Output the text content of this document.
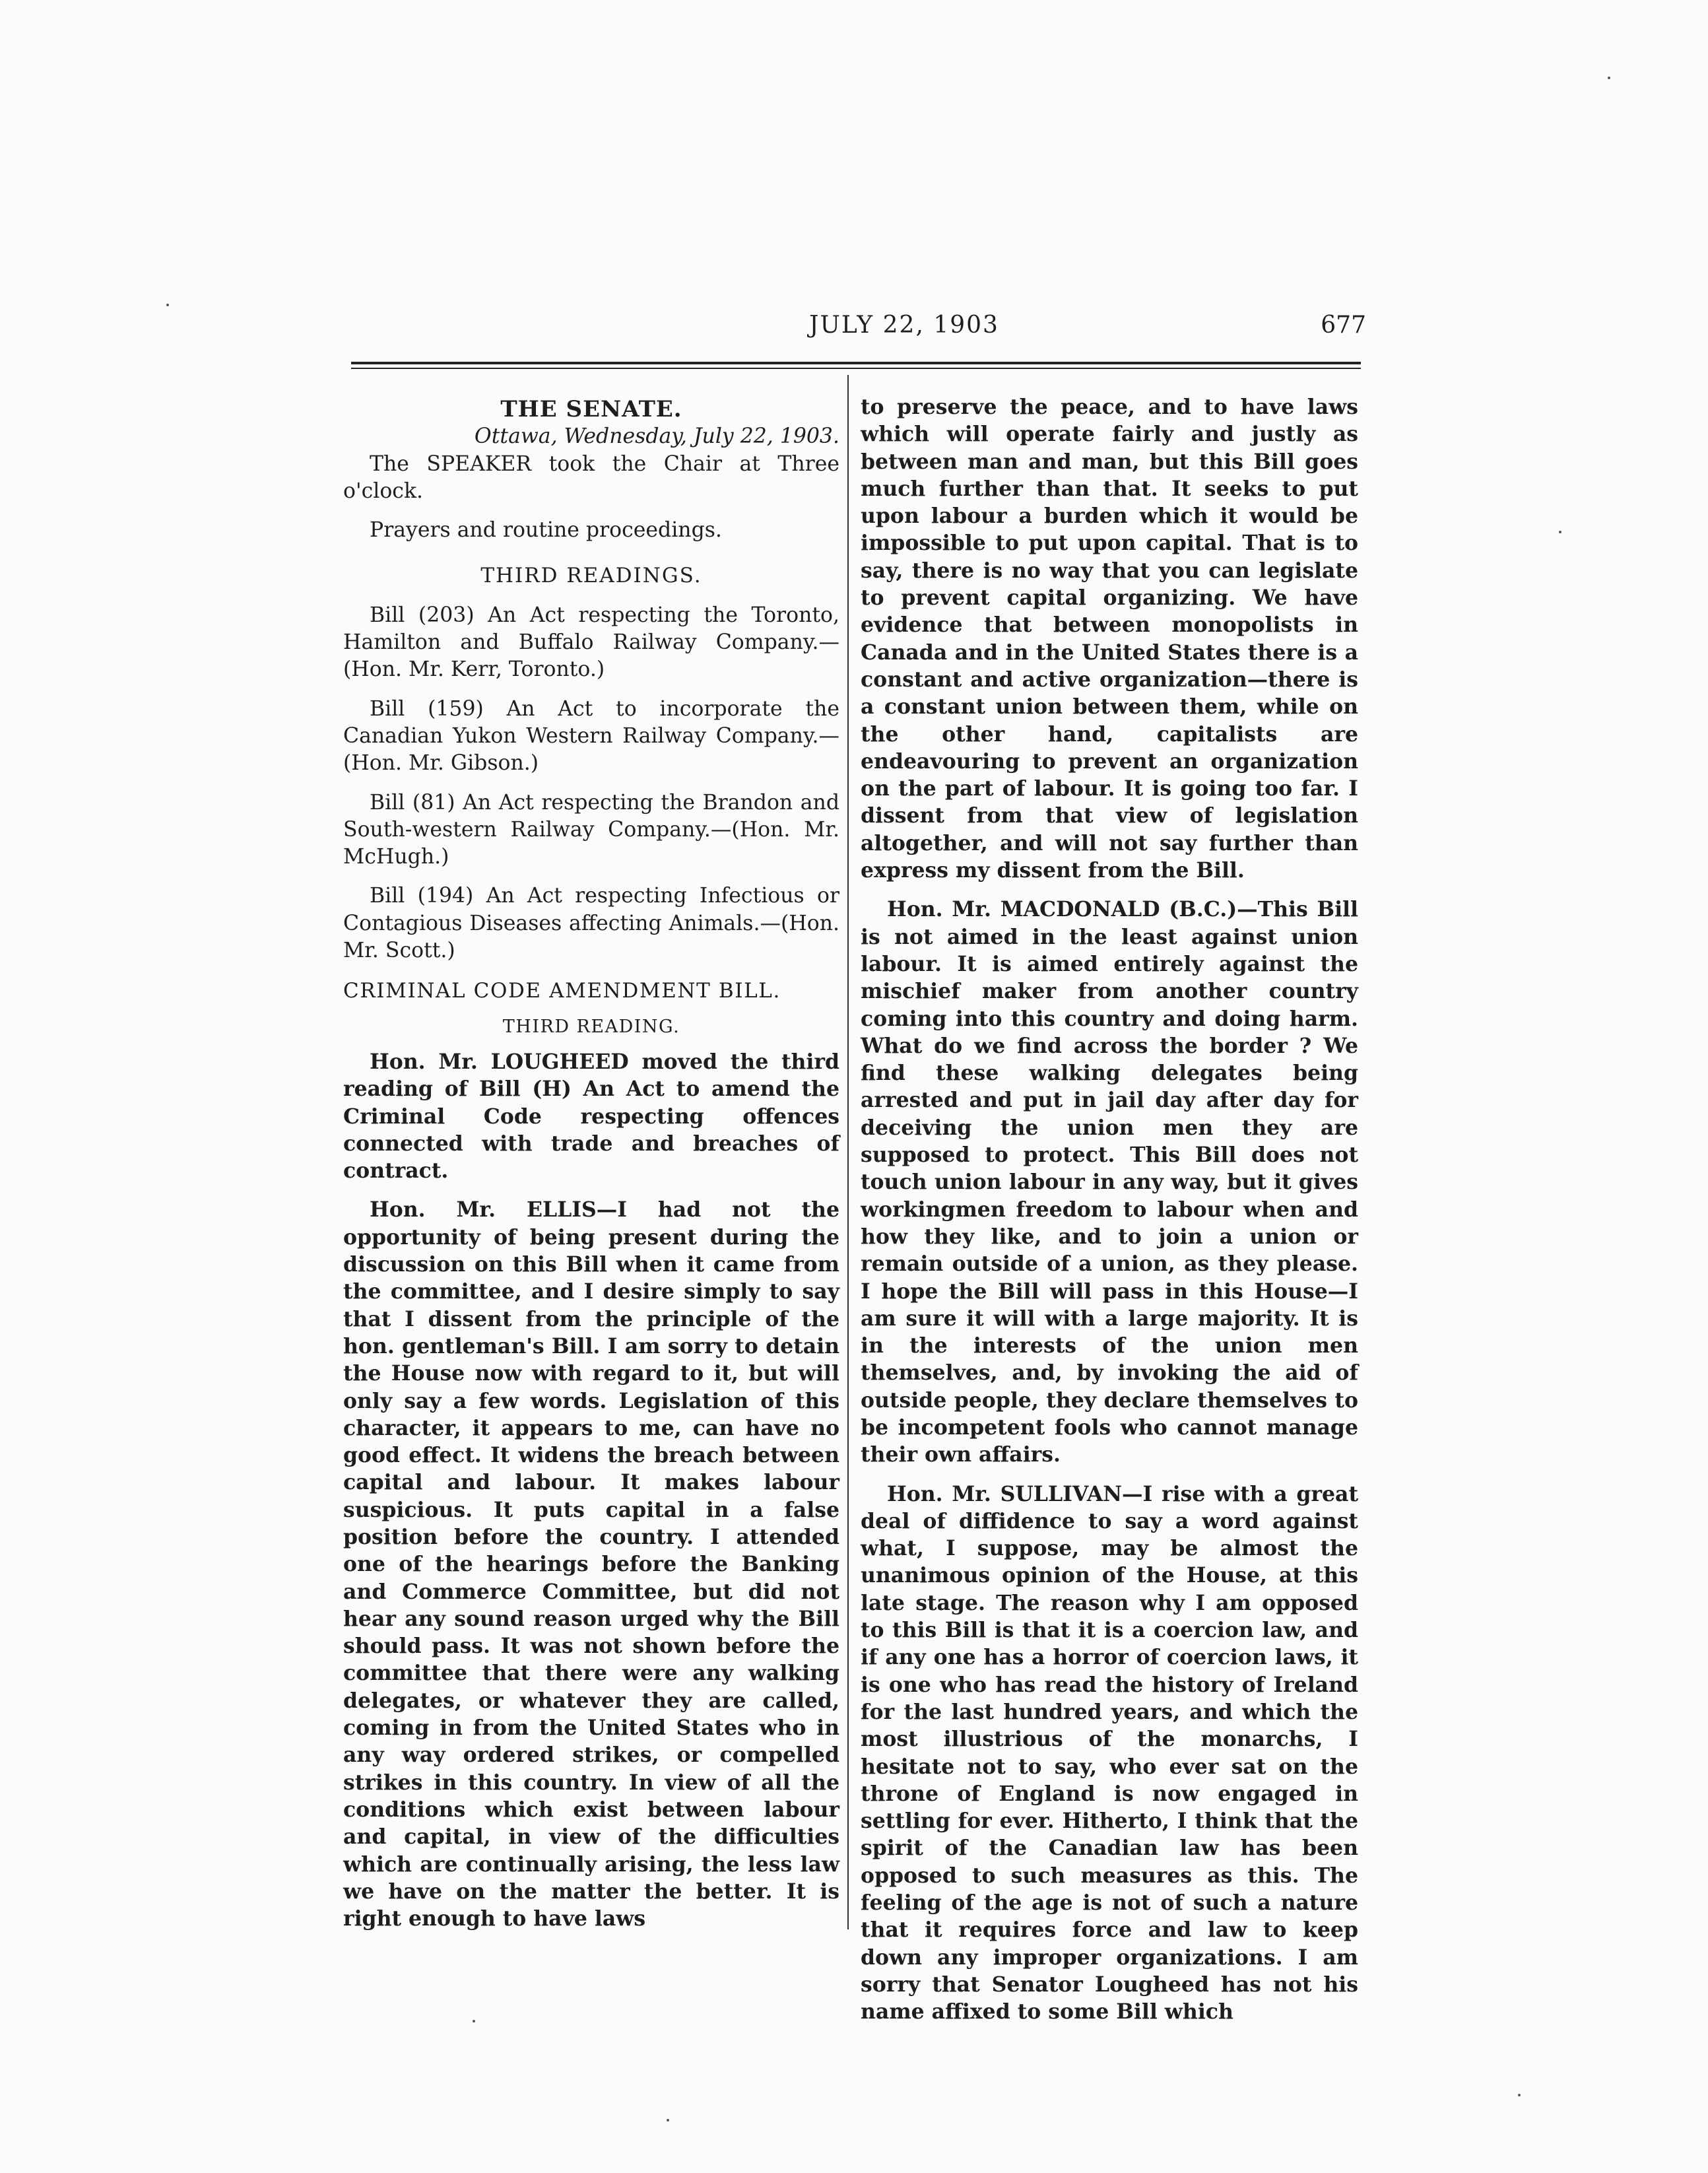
JULY 22, 1903	677

THE SENATE.

Ottawa, Wednesday, July 22, 1903.

The SPEAKER took the Chair at Three o'clock.

Prayers and routine proceedings.

THIRD READINGS.

Bill (203) An Act respecting the Toronto, Hamilton and Buffalo Railway Company.—(Hon. Mr. Kerr, Toronto.)

Bill (159) An Act to incorporate the Canadian Yukon Western Railway Company.—(Hon. Mr. Gibson.)

Bill (81) An Act respecting the Brandon and South-western Railway Company.—(Hon. Mr. McHugh.)

Bill (194) An Act respecting Infectious or Contagious Diseases affecting Animals.—(Hon. Mr. Scott.)

CRIMINAL CODE AMENDMENT BILL.

THIRD READING.

Hon. Mr. LOUGHEED moved the third reading of Bill (H) An Act to amend the Criminal Code respecting offences connected with trade and breaches of contract.

Hon. Mr. ELLIS—I had not the opportunity of being present during the discussion on this Bill when it came from the committee, and I desire simply to say that I dissent from the principle of the hon. gentleman's Bill. I am sorry to detain the House now with regard to it, but will only say a few words. Legislation of this character, it appears to me, can have no good effect. It widens the breach between capital and labour. It makes labour suspicious. It puts capital in a false position before the country. I attended one of the hearings before the Banking and Commerce Committee, but did not hear any sound reason urged why the Bill should pass. It was not shown before the committee that there were any walking delegates, or whatever they are called, coming in from the United States who in any way ordered strikes, or compelled strikes in this country. In view of all the conditions which exist between labour and capital, in view of the difficulties which are continually arising, the less law we have on the matter the better. It is right enough to have laws

to preserve the peace, and to have laws which will operate fairly and justly as between man and man, but this Bill goes much further than that. It seeks to put upon labour a burden which it would be impossible to put upon capital. That is to say, there is no way that you can legislate to prevent capital organizing. We have evidence that between monopolists in Canada and in the United States there is a constant and active organization—there is a constant union between them, while on the other hand, capitalists are endeavouring to prevent an organization on the part of labour. It is going too far. I dissent from that view of legislation altogether, and will not say further than express my dissent from the Bill.

Hon. Mr. MACDONALD (B.C.)—This Bill is not aimed in the least against union labour. It is aimed entirely against the mischief maker from another country coming into this country and doing harm. What do we find across the border ? We find these walking delegates being arrested and put in jail day after day for deceiving the union men they are supposed to protect. This Bill does not touch union labour in any way, but it gives workingmen freedom to labour when and how they like, and to join a union or remain outside of a union, as they please. I hope the Bill will pass in this House—I am sure it will with a large majority. It is in the interests of the union men themselves, and, by invoking the aid of outside people, they declare themselves to be incompetent fools who cannot manage their own affairs.

Hon. Mr. SULLIVAN—I rise with a great deal of diffidence to say a word against what, I suppose, may be almost the unanimous opinion of the House, at this late stage. The reason why I am opposed to this Bill is that it is a coercion law, and if any one has a horror of coercion laws, it is one who has read the history of Ireland for the last hundred years, and which the most illustrious of the monarchs, I hesitate not to say, who ever sat on the throne of England is now engaged in settling for ever. Hitherto, I think that the spirit of the Canadian law has been opposed to such measures as this. The feeling of the age is not of such a nature that it requires force and law to keep down any improper organizations. I am sorry that Senator Lougheed has not his name affixed to some Bill which
